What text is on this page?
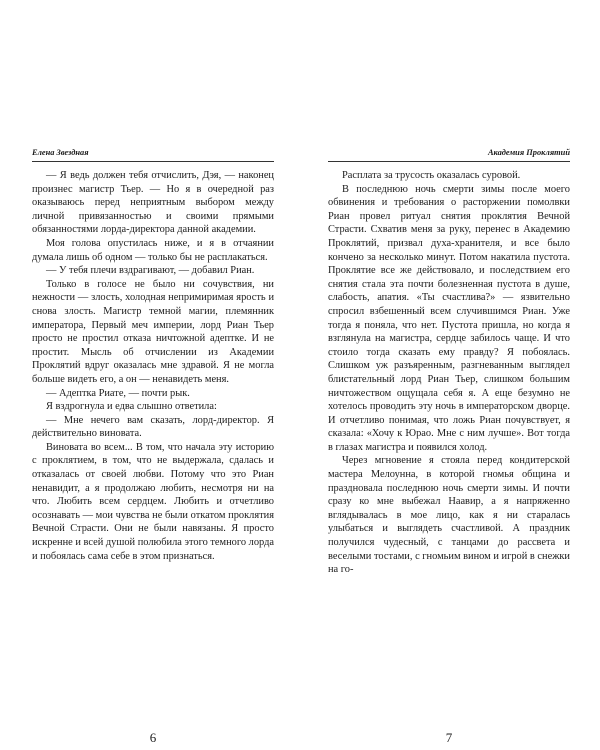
Елена Звездная

— Я ведь должен тебя отчислить, Дэя, — наконец произнес магистр Тьер. — Но я в очередной раз оказываюсь перед неприятным выбором между личной привязанностью и своими прямыми обязанностями лорда-директора данной академии.

Моя голова опустилась ниже, и я в отчаянии думала лишь об одном — только бы не расплакаться.

— У тебя плечи вздрагивают, — добавил Риан.

Только в голосе не было ни сочувствия, ни нежности — злость, холодная непримиримая ярость и снова злость. Магистр темной магии, племянник императора, Первый меч империи, лорд Риан Тьер просто не простил отказа ничтожной адептке. И не простит. Мысль об отчислении из Академии Проклятий вдруг оказалась мне здравой. Я не могла больше видеть его, а он — ненавидеть меня.

— Адептка Риате, — почти рык.

Я вздрогнула и едва слышно ответила:

— Мне нечего вам сказать, лорд-директор. Я действительно виновата.

Виновата во всем... В том, что начала эту историю с проклятием, в том, что не выдержала, сдалась и отказалась от своей любви. Потому что это Риан ненавидит, а я продолжаю любить, несмотря ни на что. Любить всем сердцем. Любить и отчетливо осознавать — мои чувства не были откатом проклятия Вечной Страсти. Они не были навязаны. Я просто искренне и всей душой полюбила этого темного лорда и побоялась сама себе в этом признаться.

6
Академия Проклятий

Расплата за трусость оказалась суровой.

В последнюю ночь смерти зимы после моего обвинения и требования о расторжении помолвки Риан провел ритуал снятия проклятия Вечной Страсти. Схватив меня за руку, перенес в Академию Проклятий, призвал духа-хранителя, и все было кончено за несколько минут. Потом накатила пустота. Проклятие все же действовало, и последствием его снятия стала эта почти болезненная пустота в душе, слабость, апатия. «Ты счастлива?» — язвительно спросил взбешенный всем случившимся Риан. Уже тогда я поняла, что нет. Пустота пришла, но когда я взглянула на магистра, сердце забилось чаще. И что стоило тогда сказать ему правду? Я побоялась. Слишком уж разъяренным, разгневанным выглядел блистательный лорд Риан Тьер, слишком большим ничтожеством ощущала себя я. А еще безумно не хотелось проводить эту ночь в императорском дворце. И отчетливо понимая, что ложь Риан почувствует, я сказала: «Хочу к Юрао. Мне с ним лучше». Вот тогда в глазах магистра и появился холод.

Через мгновение я стояла перед кондитерской мастера Мелоунна, в которой гномья община и праздновала последнюю ночь смерти зимы. И почти сразу ко мне выбежал Наавир, а я напряженно вглядывалась в мое лицо, как я ни старалась улыбаться и выглядеть счастливой. А праздник получился чудесный, с танцами до рассвета и веселыми тостами, с гномьим вином и игрой в снежки на го-

7
